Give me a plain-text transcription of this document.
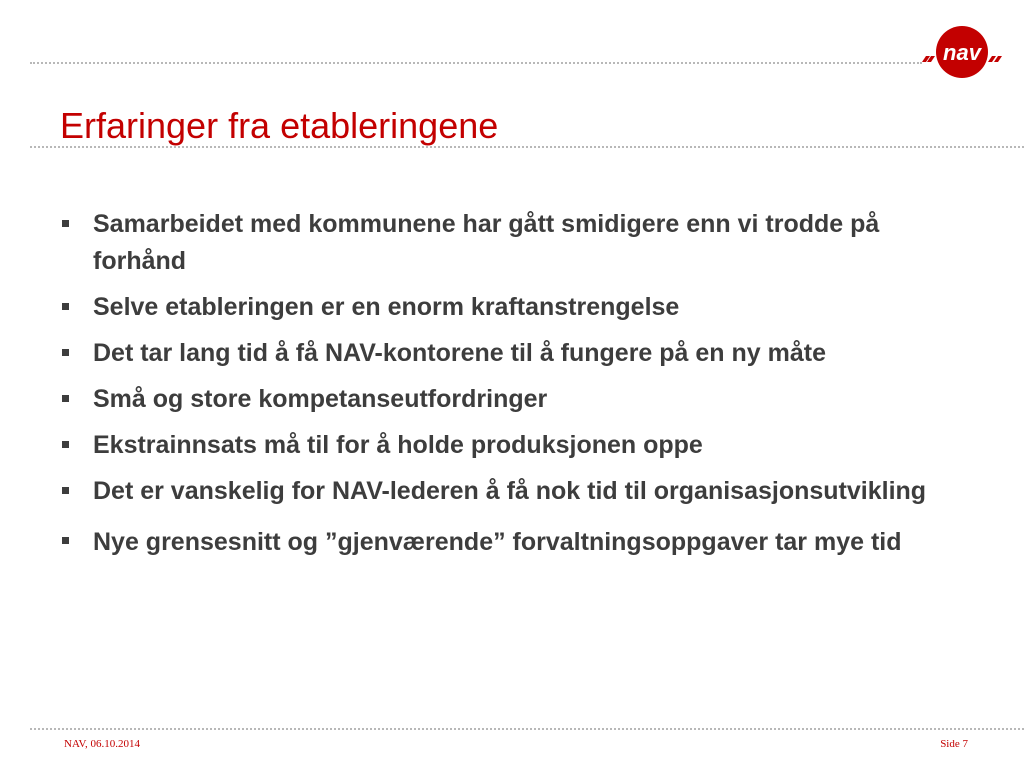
nav
Erfaringer fra etableringene
Samarbeidet med kommunene har gått smidigere enn vi trodde på forhånd
Selve etableringen er en enorm kraftanstrengelse
Det tar lang tid å få NAV-kontorene til å fungere på en ny måte
Små og store kompetanseutfordringer
Ekstrainnsats må til for å holde produksjonen oppe
Det er vanskelig for NAV-lederen å få nok tid til organisasjonsutvikling
Nye grensesnitt og ”gjenværende” forvaltningsoppgaver tar mye tid
NAV, 06.10.2014	Side 7
